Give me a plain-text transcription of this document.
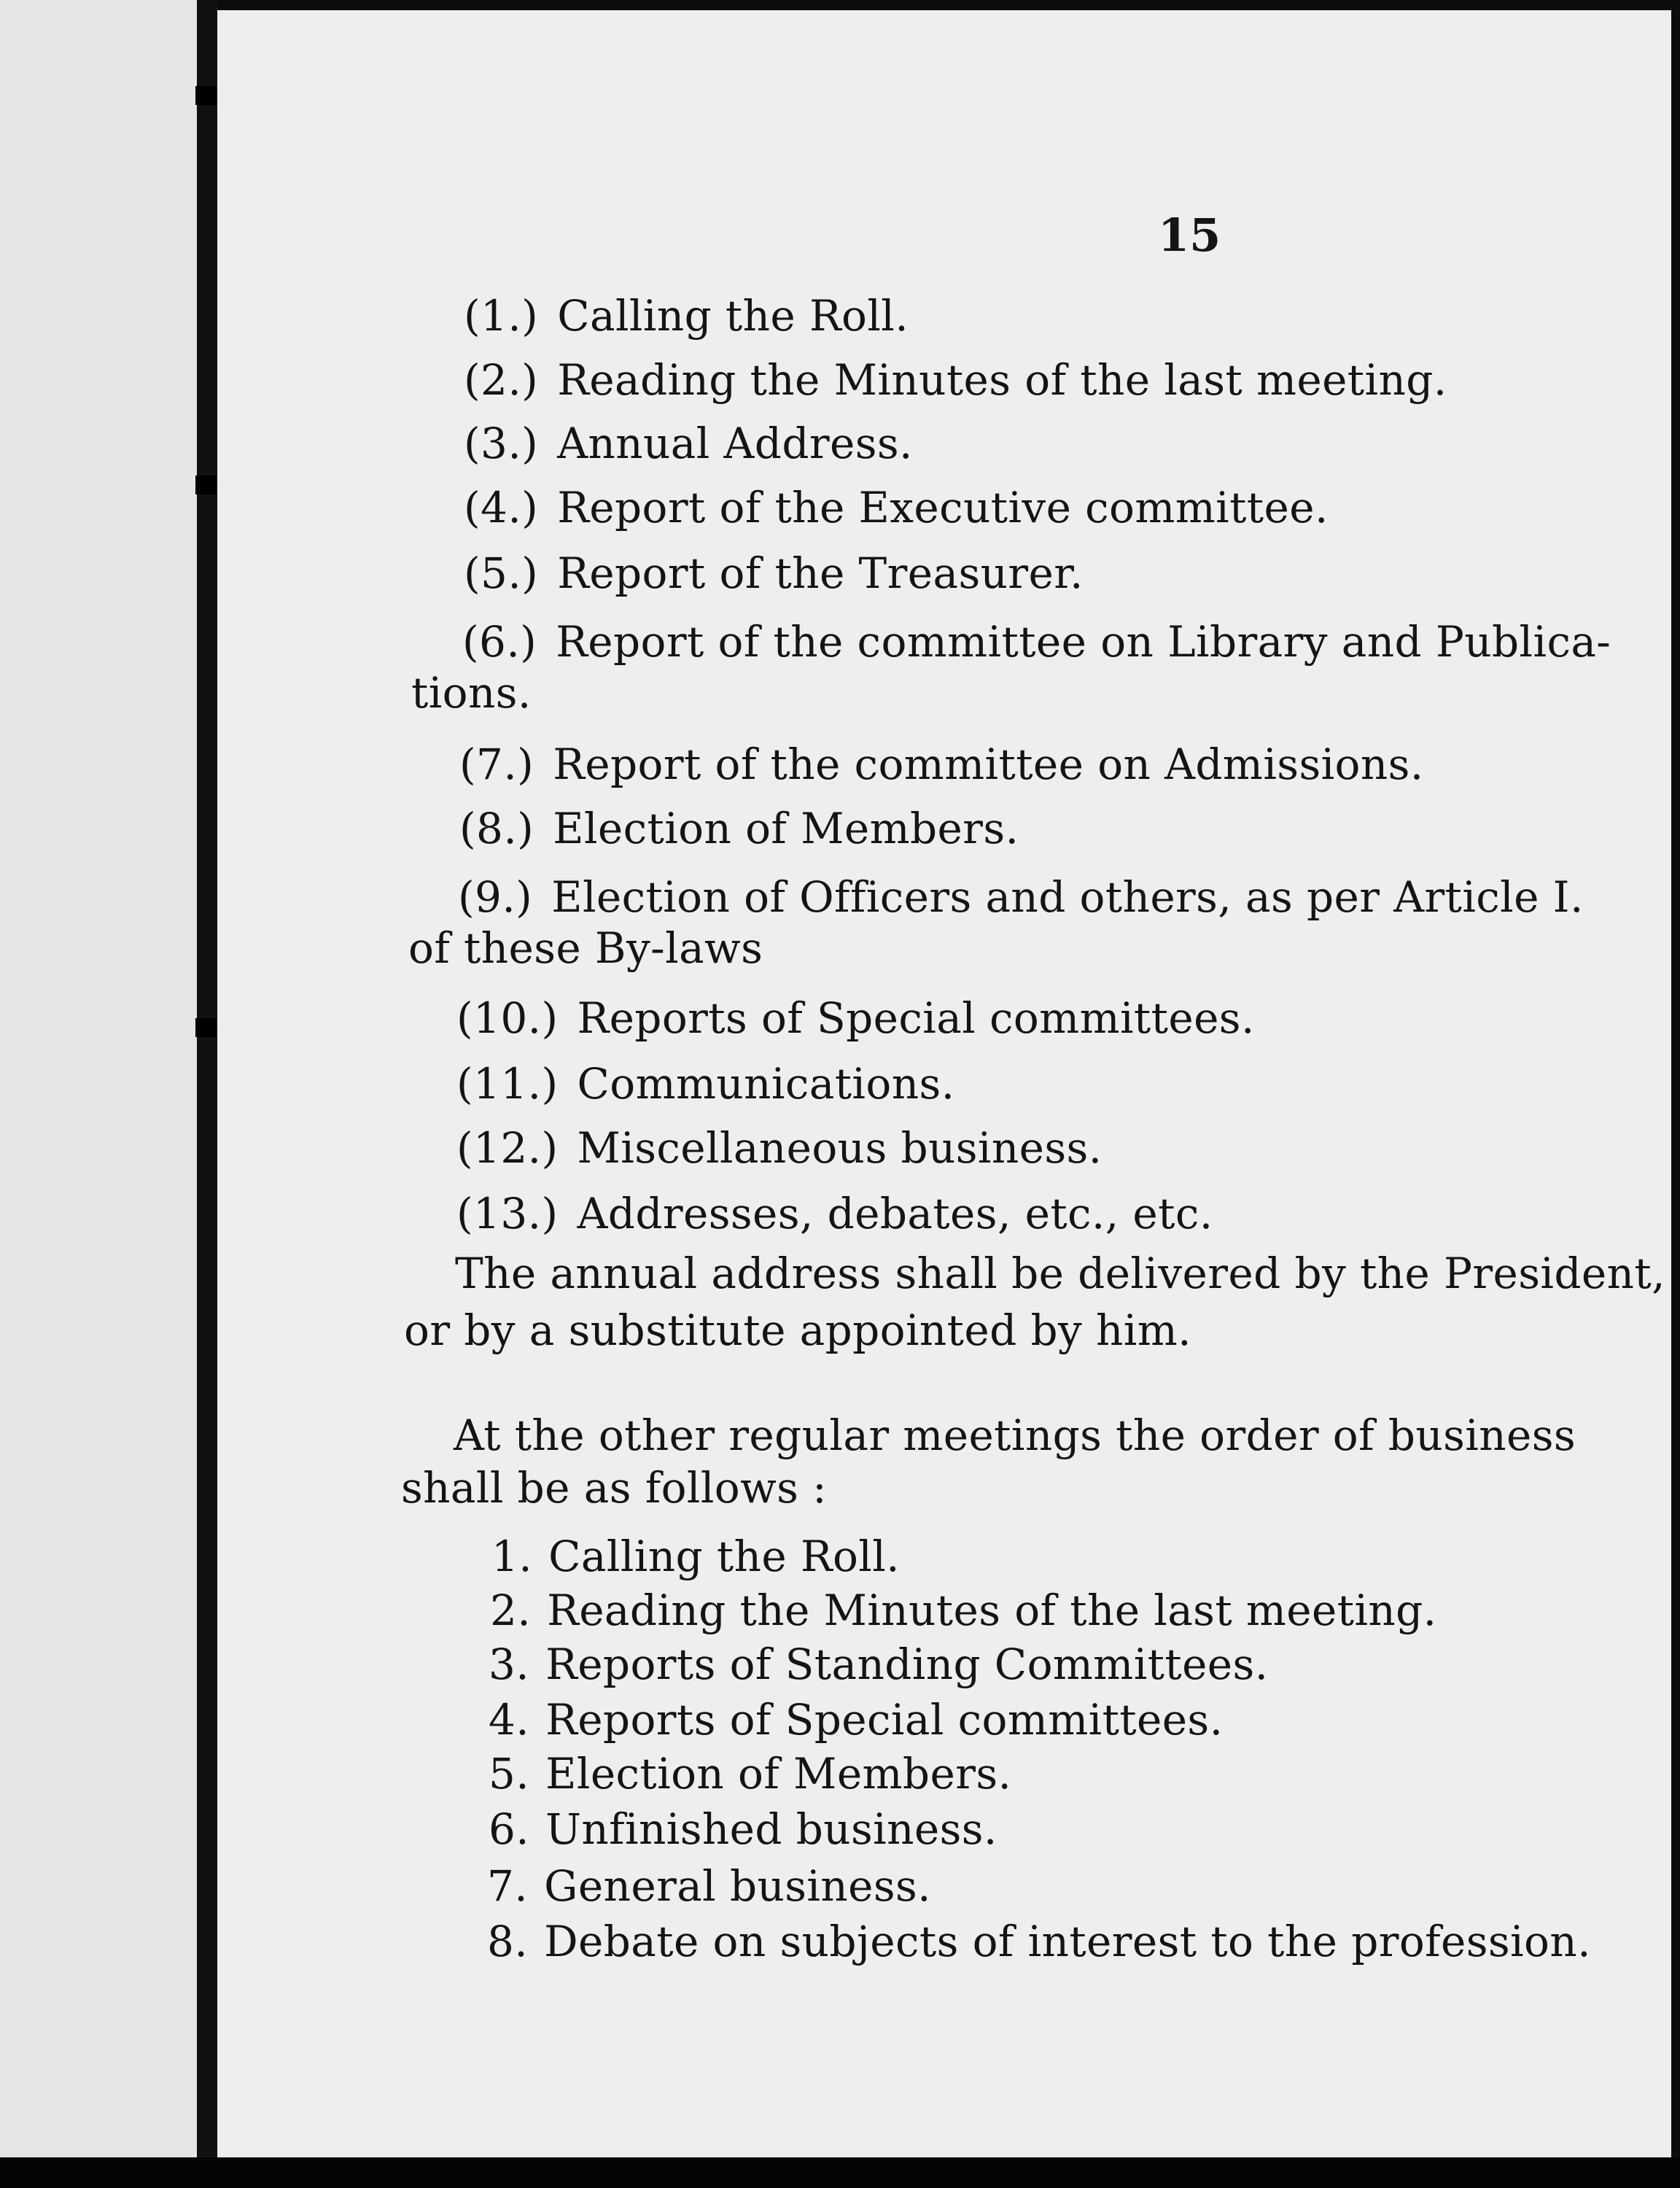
15
(1.) Calling the Roll.
(2.) Reading the Minutes of the last meeting.
(3.) Annual Address.
(4.) Report of the Executive committee.
(5.) Report of the Treasurer.
(6.) Report of the committee on Library and Publica-
tions.
(7.) Report of the committee on Admissions.
(8.) Election of Members.
(9.) Election of Officers and others, as per Article I.
of these By-laws
(10.) Reports of Special committees.
(11.) Communications.
(12.) Miscellaneous business.
(13.) Addresses, debates, etc., etc.
The annual address shall be delivered by the President,
or by a substitute appointed by him.
At the other regular meetings the order of business
shall be as follows :
1. Calling the Roll.
2. Reading the Minutes of the last meeting.
3. Reports of Standing Committees.
4. Reports of Special committees.
5. Election of Members.
6. Unfinished business.
7. General business.
8. Debate on subjects of interest to the profession.
